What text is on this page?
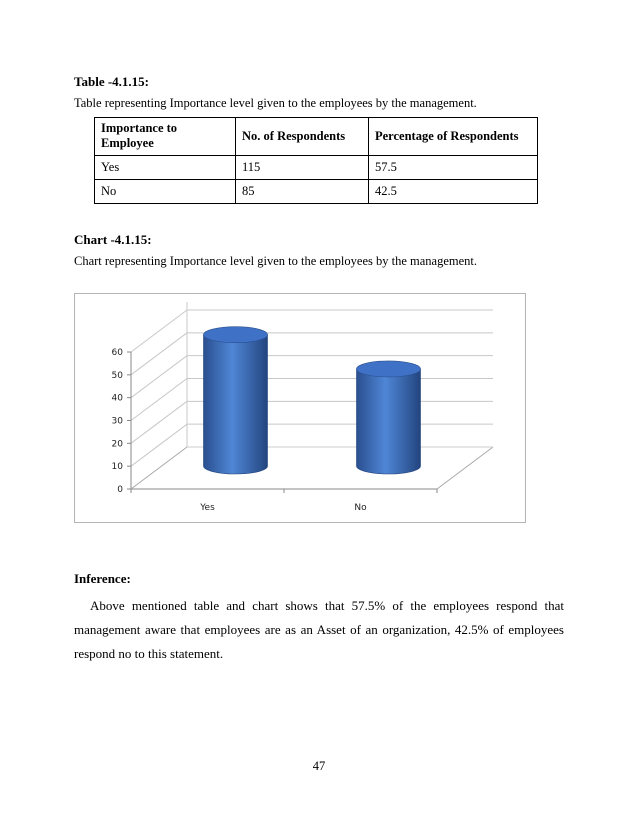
Table -4.1.15:
Table representing Importance level given to the employees by the management.
Importance to Employee	No. of Respondents	Percentage of Respondents
Yes	115	57.5
No	85	42.5
Chart -4.1.15:
Chart representing Importance level given to the employees by the management.
0
10
20
30
40
50
60
Yes	No
Inference:
Above mentioned table and chart shows that 57.5% of the employees respond that management aware that employees are as an Asset of an organization, 42.5% of employees respond no to this statement.
47
